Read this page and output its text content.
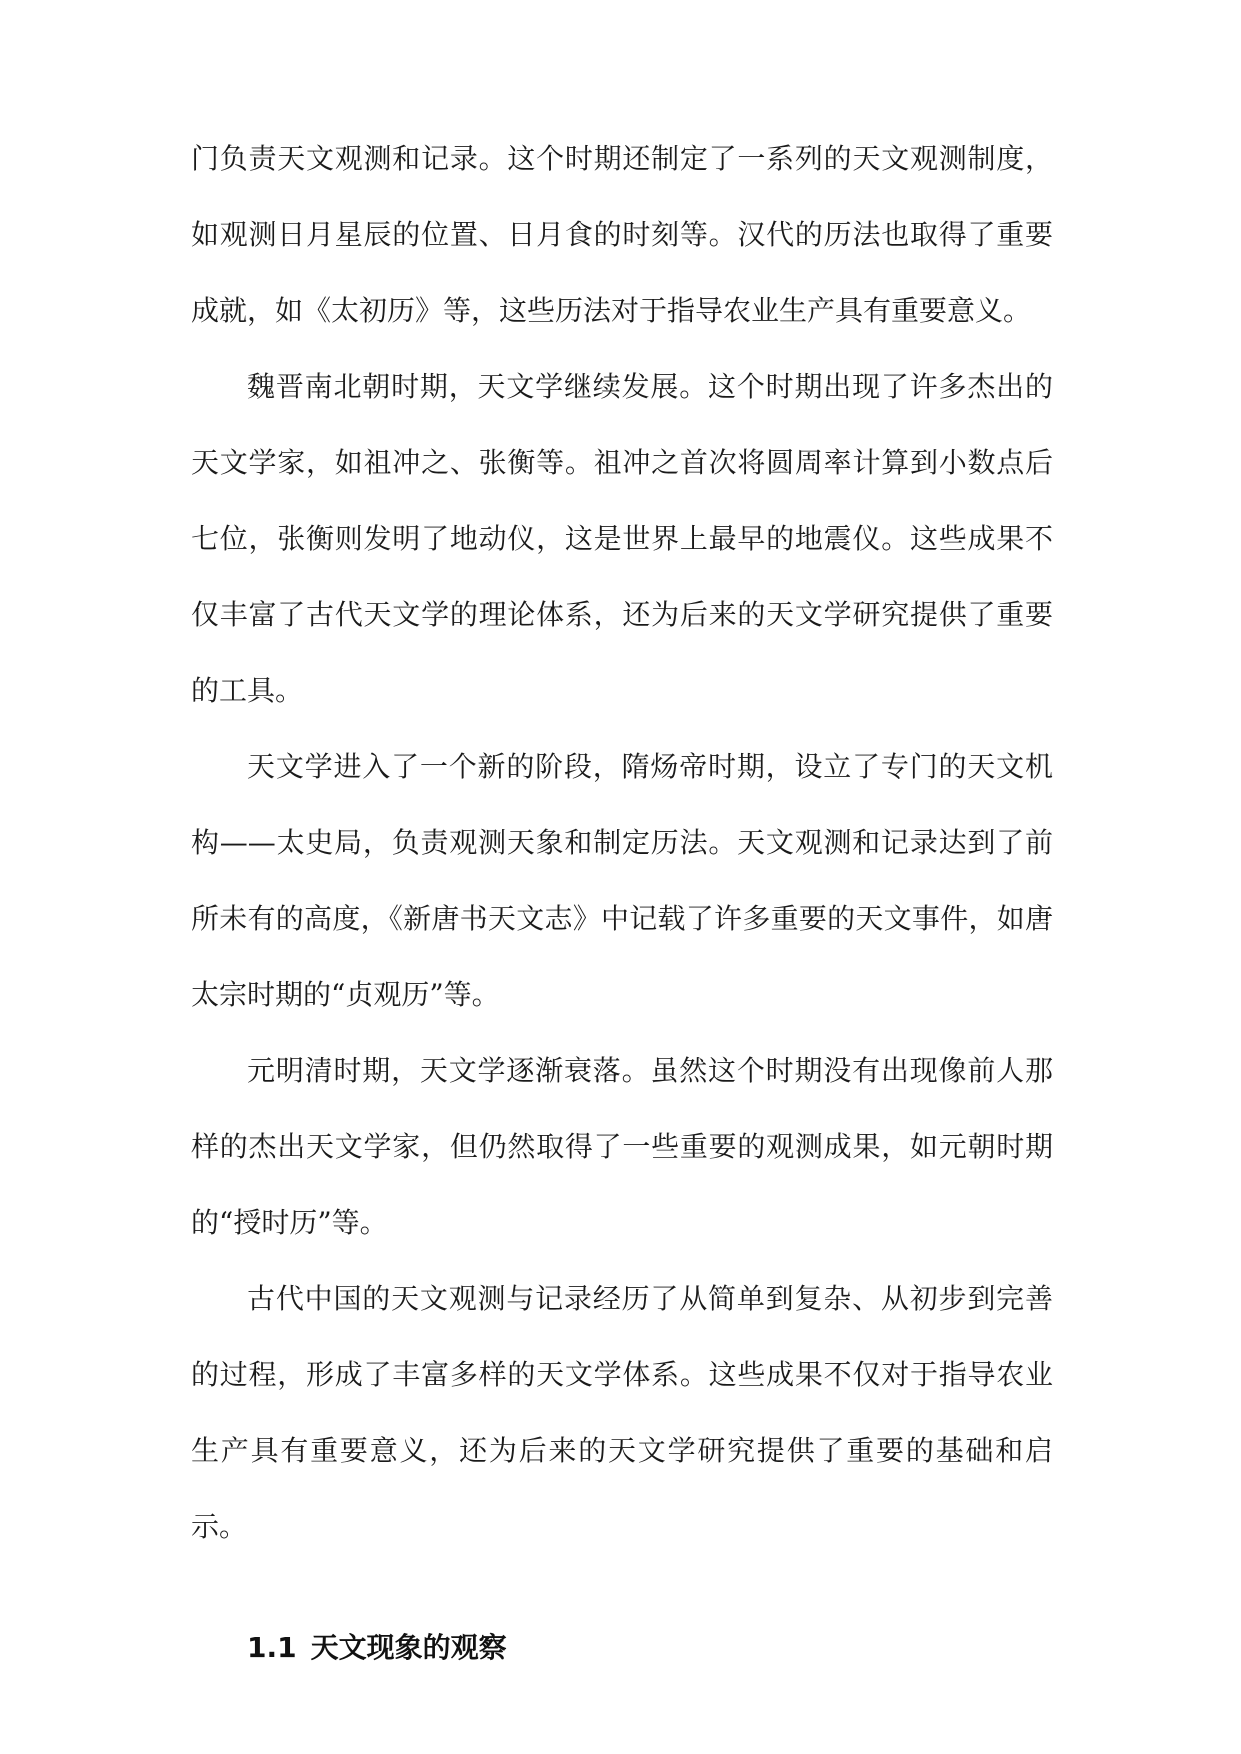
门负责天文观测和记录。这个时期还制定了一系列的天文观测制度，如观测日月星辰的位置、日月食的时刻等。汉代的历法也取得了重要成就，如《太初历》等，这些历法对于指导农业生产具有重要意义。

魏晋南北朝时期，天文学继续发展。这个时期出现了许多杰出的天文学家，如祖冲之、张衡等。祖冲之首次将圆周率计算到小数点后七位，张衡则发明了地动仪，这是世界上最早的地震仪。这些成果不仅丰富了古代天文学的理论体系，还为后来的天文学研究提供了重要的工具。

天文学进入了一个新的阶段，隋炀帝时期，设立了专门的天文机构——太史局，负责观测天象和制定历法。天文观测和记录达到了前所未有的高度，《新唐书天文志》中记载了许多重要的天文事件，如唐太宗时期的“贞观历”等。

元明清时期，天文学逐渐衰落。虽然这个时期没有出现像前人那样的杰出天文学家，但仍然取得了一些重要的观测成果，如元朝时期的“授时历”等。

古代中国的天文观测与记录经历了从简单到复杂、从初步到完善的过程，形成了丰富多样的天文学体系。这些成果不仅对于指导农业生产具有重要意义，还为后来的天文学研究提供了重要的基础和启示。

1.1 天文现象的观察
